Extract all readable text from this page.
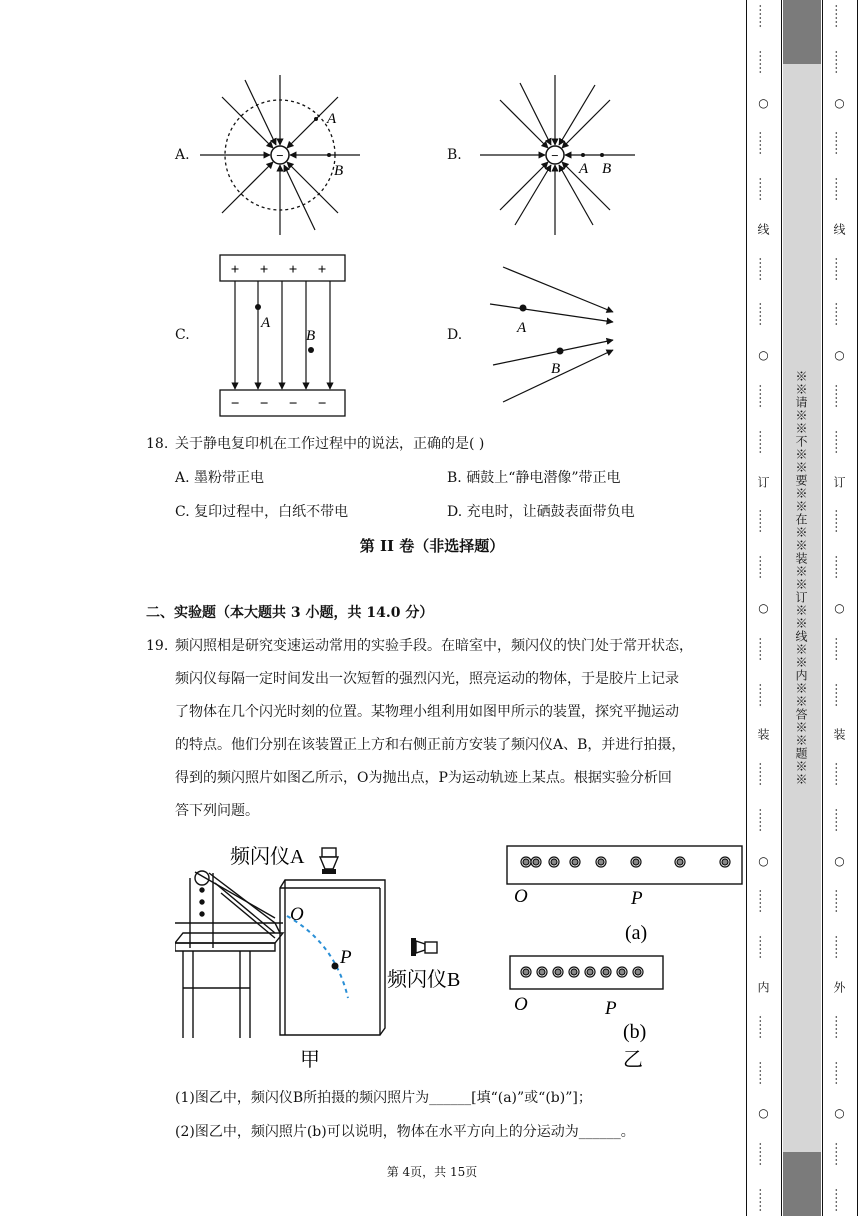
A.	B.
C.	D.
−
A
B
−
A B
+ + + +
A
B
− − − −
A
B
18. 关于静电复印机在工作过程中的说法，正确的是( )
A. 墨粉带正电	B. 硒鼓上“静电潜像”带正电
C. 复印过程中，白纸不带电	D. 充电时，让硒鼓表面带负电
第 II 卷（非选择题）
二、实验题（本大题共 3 小题，共 14.0 分）
19. 频闪照相是研究变速运动常用的实验手段。在暗室中，频闪仪的快门处于常开状态，
频闪仪每隔一定时间发出一次短暂的强烈闪光，照亮运动的物体，于是胶片上记录
了物体在几个闪光时刻的位置。某物理小组利用如图甲所示的装置，探究平抛运动
的特点。他们分别在该装置正上方和右侧正前方安装了频闪仪A、B，并进行拍摄，
得到的频闪照片如图乙所示，O为抛出点，P为运动轨迹上某点。根据实验分析回
答下列问题。
频闪仪A
频闪仪B
O
P
甲
O	P
(a)
O	P
(b)
乙
(1)图乙中，频闪仪B所拍摄的频闪照片为______[填“(a)”或“(b)”]；
(2)图乙中，频闪照片(b)可以说明，物体在水平方向上的分运动为______。
第 4页，共 15页
……
……
○
……
……
线
……
……
○
……
……
订
……
……
○
……
……
装
……
……
○
……
……
内
……
……
○
……
……
※※请※※不※※要※※在※※装※※订※※线※※内※※答※※题※※
……
……
○
……
……
线
……
……
○
……
……
订
……
……
○
……
……
装
……
……
○
……
……
外
……
……
○
……
……
